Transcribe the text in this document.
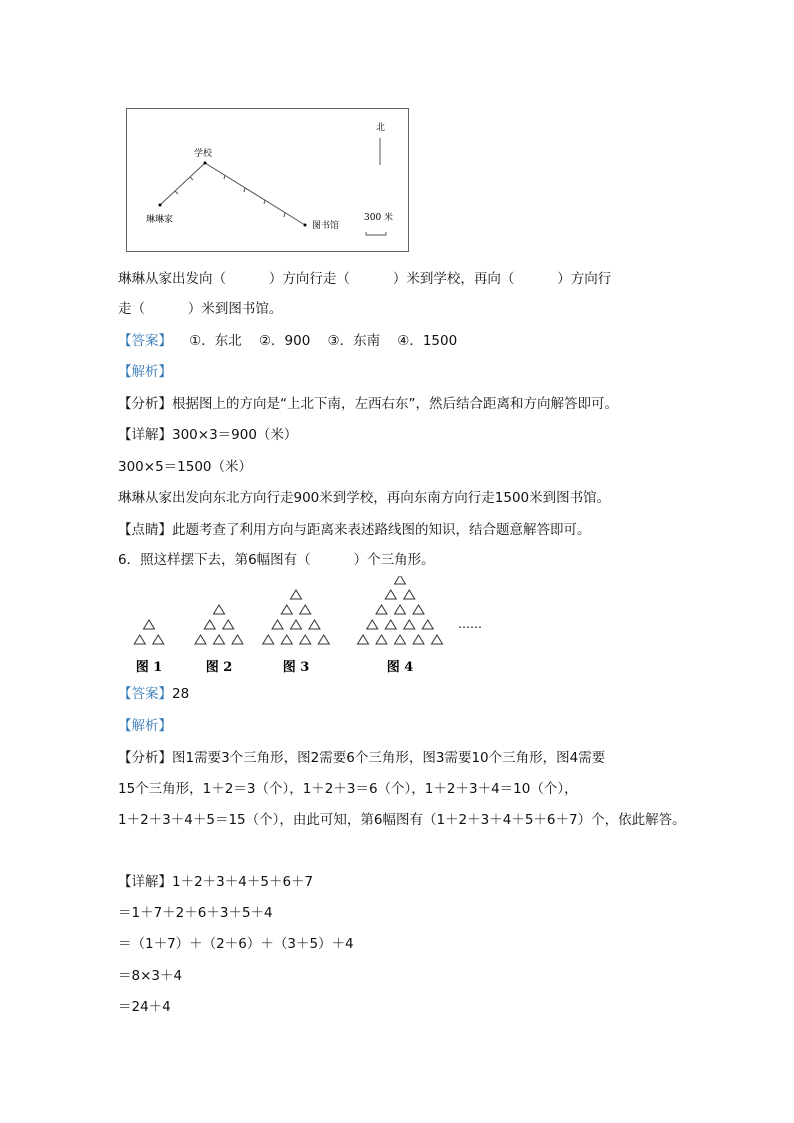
琳琳家
学校
图书馆
北
300 米
琳琳从家出发向（          ）方向行走（          ）米到学校，再向（          ）方向行
走（          ）米到图书馆。
【答案】    ①．东北    ②．900    ③．东南    ④．1500
【解析】
【分析】根据图上的方向是“上北下南，左西右东”，然后结合距离和方向解答即可。
【详解】300×3＝900（米）
300×5＝1500（米）
琳琳从家出发向东北方向行走900米到学校，再向东南方向行走1500米到图书馆。
【点睛】此题考查了利用方向与距离来表述路线图的知识，结合题意解答即可。
6．照这样摆下去，第6幅图有（          ）个三角形。
图 1	图 2	图 3	图 4
……
【答案】28
【解析】
【分析】图1需要3个三角形，图2需要6个三角形，图3需要10个三角形，图4需要
15个三角形，1＋2＝3（个），1＋2＋3＝6（个），1＋2＋3＋4＝10（个），
1＋2＋3＋4＋5＝15（个），由此可知，第6幅图有（1＋2＋3＋4＋5＋6＋7）个，依此解答。
【详解】1＋2＋3＋4＋5＋6＋7
＝1＋7＋2＋6＋3＋5＋4
＝（1＋7）＋（2＋6）＋（3＋5）＋4
＝8×3＋4
＝24＋4
